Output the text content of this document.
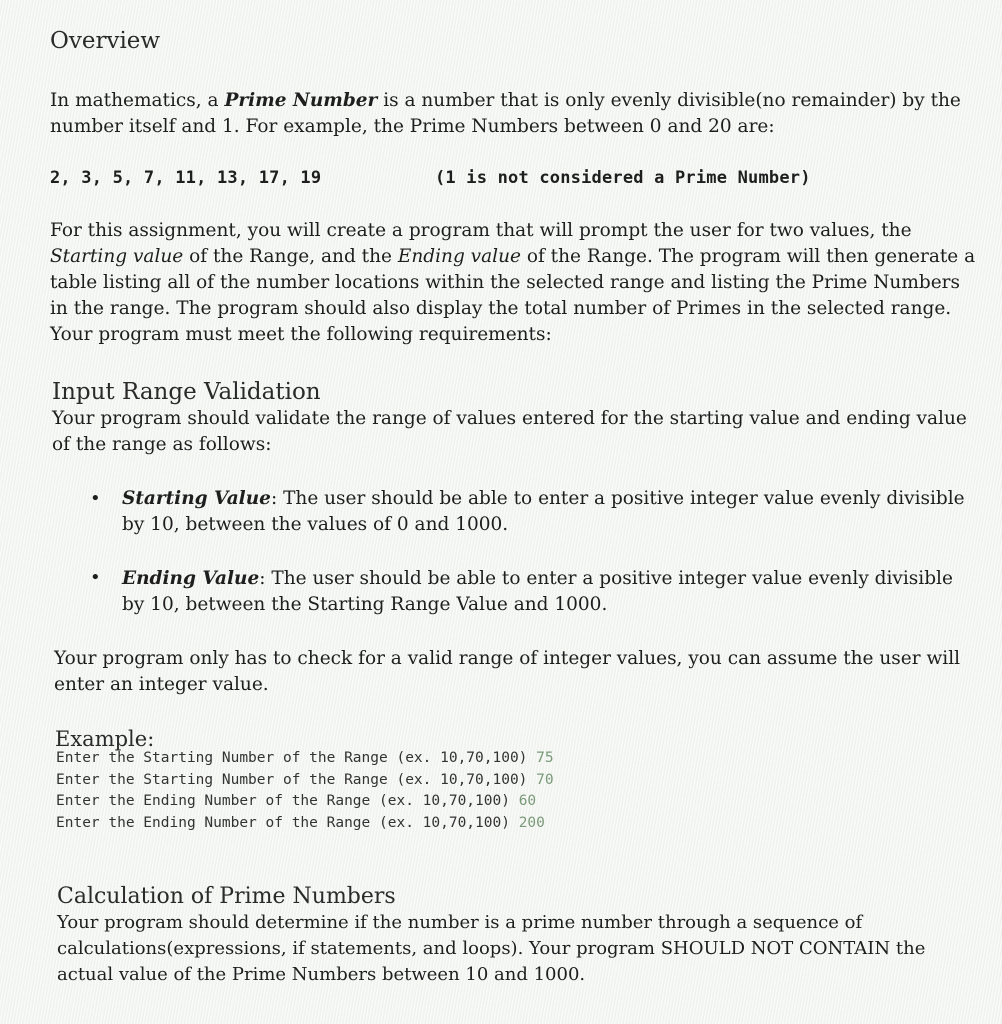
Overview
In mathematics, a Prime Number is a number that is only evenly divisible(no remainder) by the
number itself and 1. For example, the Prime Numbers between 0 and 20 are:
2, 3, 5, 7, 11, 13, 17, 19	(1 is not considered a Prime Number)
For this assignment, you will create a program that will prompt the user for two values, the
Starting value of the Range, and the Ending value of the Range. The program will then generate a
table listing all of the number locations within the selected range and listing the Prime Numbers
in the range. The program should also display the total number of Primes in the selected range.
Your program must meet the following requirements:
Input Range Validation
Your program should validate the range of values entered for the starting value and ending value
of the range as follows:
• Starting Value: The user should be able to enter a positive integer value evenly divisible
by 10, between the values of 0 and 1000.
• Ending Value: The user should be able to enter a positive integer value evenly divisible
by 10, between the Starting Range Value and 1000.
Your program only has to check for a valid range of integer values, you can assume the user will
enter an integer value.
Example:
Enter the Starting Number of the Range (ex. 10,70,100) 75
Enter the Starting Number of the Range (ex. 10,70,100) 70
Enter the Ending Number of the Range (ex. 10,70,100) 60
Enter the Ending Number of the Range (ex. 10,70,100) 200
Calculation of Prime Numbers
Your program should determine if the number is a prime number through a sequence of
calculations(expressions, if statements, and loops). Your program SHOULD NOT CONTAIN the
actual value of the Prime Numbers between 10 and 1000.
